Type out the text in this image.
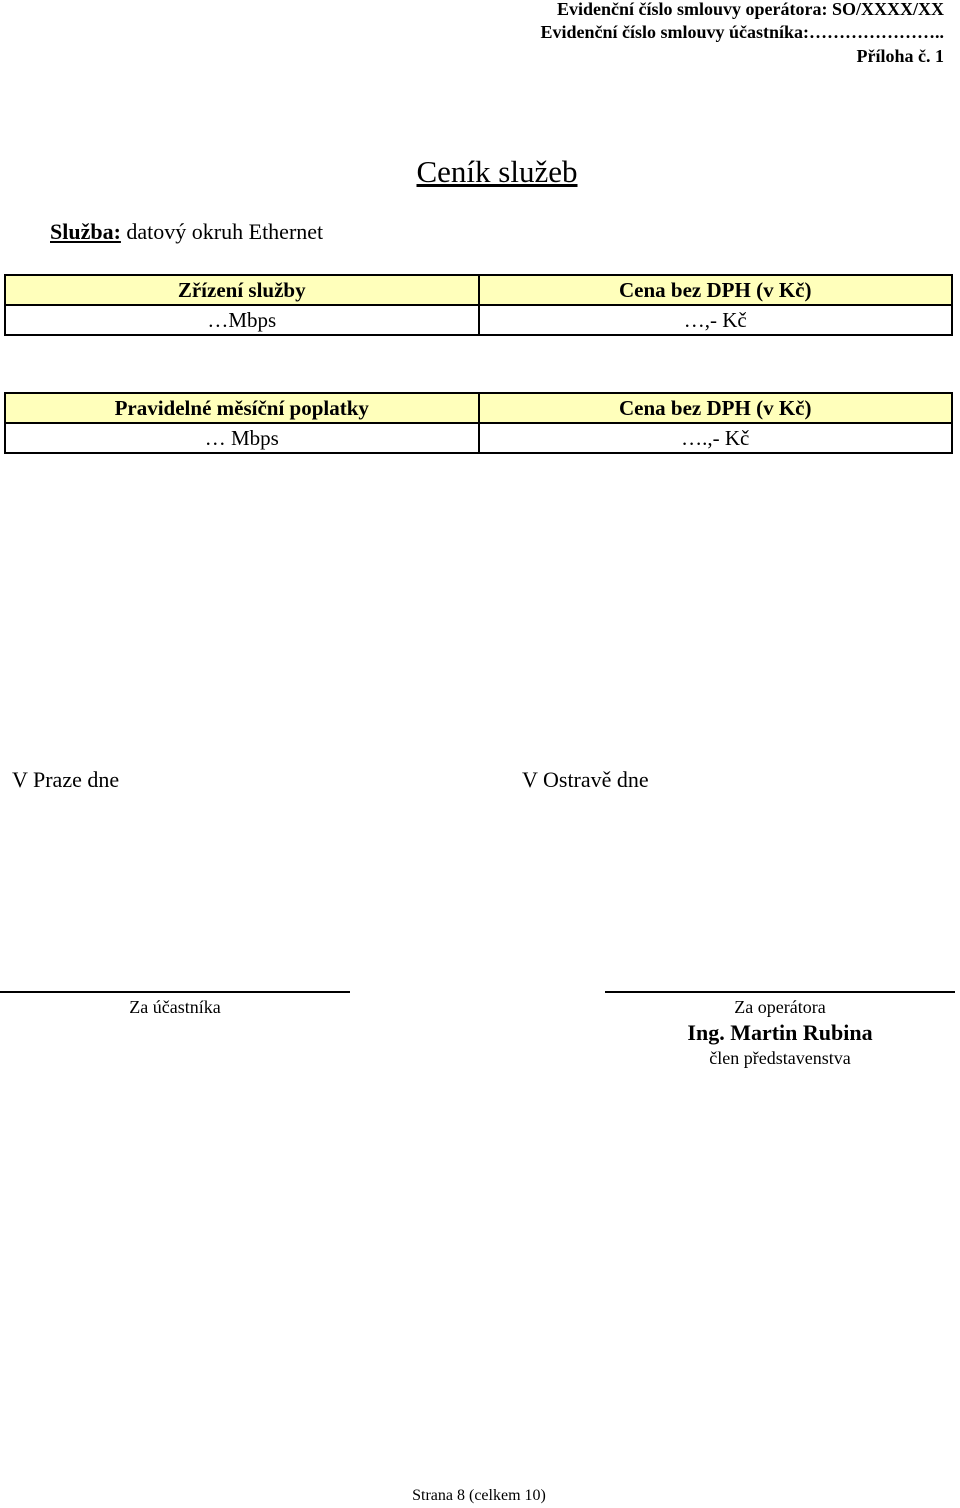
Evidenční číslo smlouvy operátora: SO/XXXX/XX
Evidenční číslo smlouvy účastníka:…………………..
Příloha č. 1
Ceník služeb
Služba: datový okruh Ethernet
Zřízení služby	Cena bez DPH (v Kč)
…Mbps	…,- Kč
Pravidelné měsíční poplatky	Cena bez DPH (v Kč)
… Mbps	….,- Kč
V Praze dne	V Ostravě dne
Za účastníka	Za operátora
Ing. Martin Rubina
člen představenstva
Strana 8 (celkem 10)
